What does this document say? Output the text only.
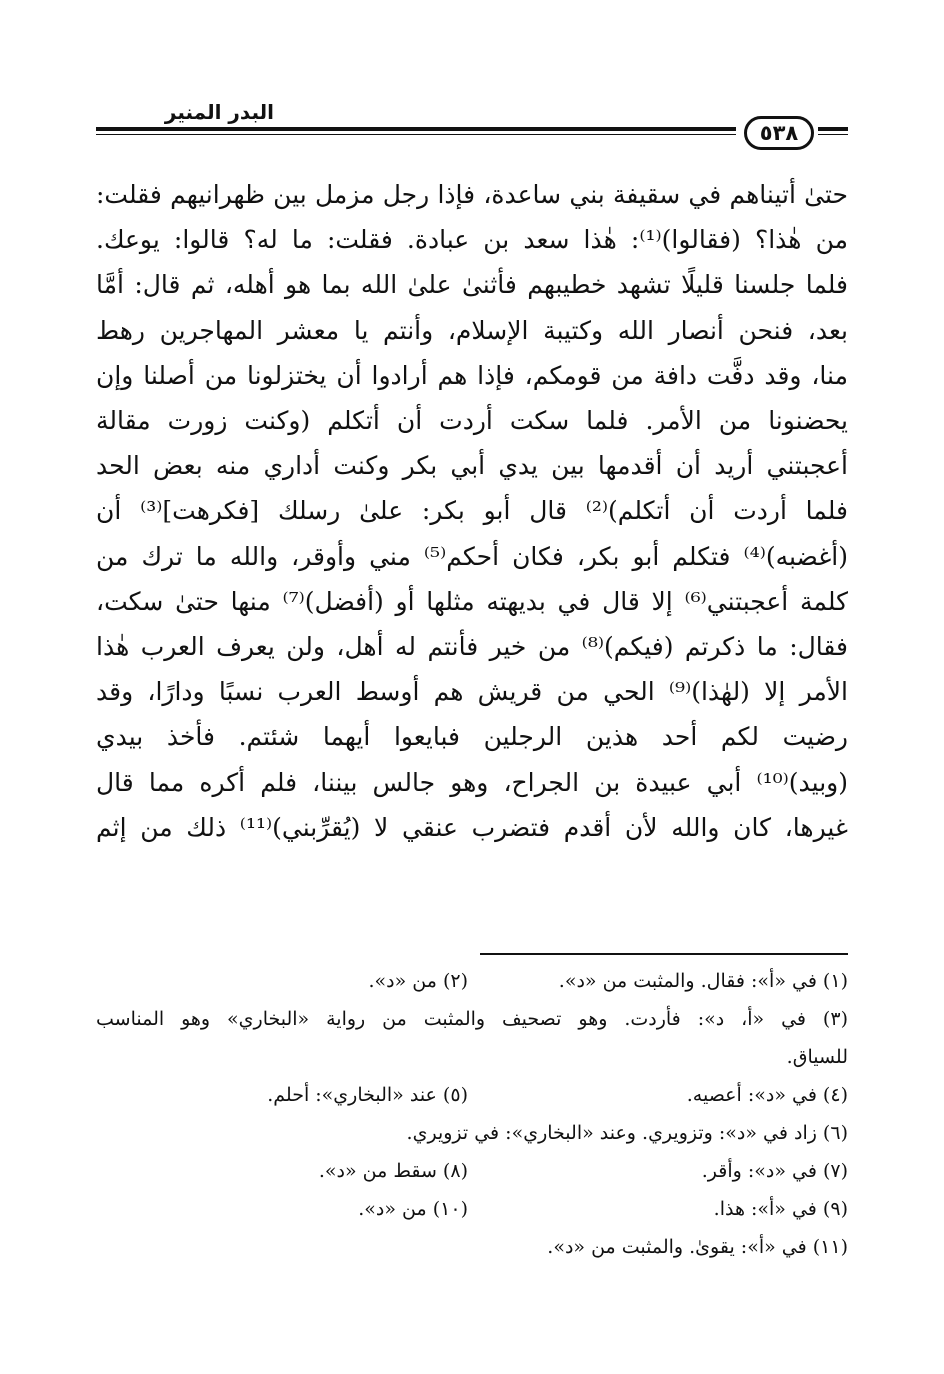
البدر المنير
٥٣٨
حتىٰ أتيناهم في سقيفة بني ساعدة، فإذا رجل مزمل بين ظهرانيهم فقلت:
من هٰذا؟ (فقالوا)⁽¹⁾: هٰذا سعد بن عبادة. فقلت: ما له؟ قالوا: يوعك.
فلما جلسنا قليلًا تشهد خطيبهم فأثنىٰ علىٰ الله بما هو أهله، ثم قال: أمَّا
بعد، فنحن أنصار الله وكتيبة الإسلام، وأنتم يا معشر المهاجرين رهط
منا، وقد دفَّت دافة من قومكم، فإذا هم أرادوا أن يختزلونا من أصلنا وإن
يحضنونا من الأمر. فلما سكت أردت أن أتكلم (وكنت زورت مقالة
أعجبتني أريد أن أقدمها بين يدي أبي بكر وكنت أداري منه بعض الحد
فلما أردت أن أتكلم)⁽²⁾ قال أبو بكر: علىٰ رسلك [فكرهت]⁽³⁾ أن
(أغضبه)⁽⁴⁾ فتكلم أبو بكر، فكان أحكم⁽⁵⁾ مني وأوقر، والله ما ترك من
كلمة أعجبتني⁽⁶⁾ إلا قال في بديهته مثلها أو (أفضل)⁽⁷⁾ منها حتىٰ سكت،
فقال: ما ذكرتم (فيكم)⁽⁸⁾ من خير فأنتم له أهل، ولن يعرف العرب هٰذا
الأمر إلا (لهٰذا)⁽⁹⁾ الحي من قريش هم أوسط العرب نسبًا ودارًا، وقد
رضيت لكم أحد هذين الرجلين فبايعوا أيهما شئتم. فأخذ بيدي
(وبيد)⁽¹⁰⁾ أبي عبيدة بن الجراح، وهو جالس بيننا، فلم أكره مما قال
غيرها، كان والله لأن أقدم فتضرب عنقي لا (يُقرِّبني)⁽¹¹⁾ ذلك من إثم
(١) في «أ»: فقال. والمثبت من «د».
(٢) من «د».
(٣) في «أ، د»: فأردت. وهو تصحيف والمثبت من رواية «البخاري» وهو المناسب
للسياق.
(٤) في «د»: أعصيه.
(٥) عند «البخاري»: أحلم.
(٦) زاد في «د»: وتزويري. وعند «البخاري»: في تزويري.
(٧) في «د»: وأقر.
(٨) سقط من «د».
(٩) في «أ»: هذا.
(١٠) من «د».
(١١) في «أ»: يقوىٰ. والمثبت من «د».
